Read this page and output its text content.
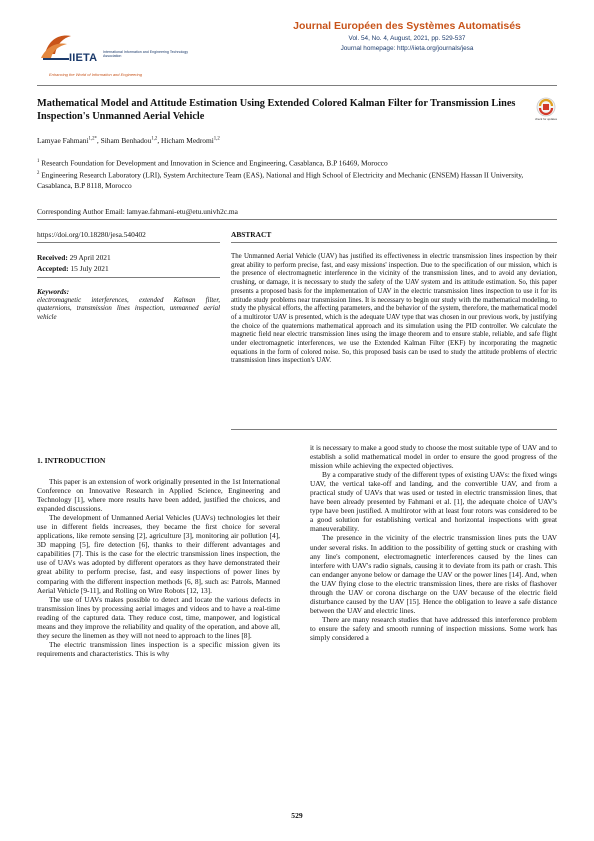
IIETA International Information and Engineering Technology Association
Enhancing the World of Information and Engineering
Journal Européen des Systèmes Automatisés
Vol. 54, No. 4, August, 2021, pp. 529-537
Journal homepage: http://iieta.org/journals/jesa
Mathematical Model and Attitude Estimation Using Extended Colored Kalman Filter for Transmission Lines Inspection's Unmanned Aerial Vehicle	check for updates
Lamyae Fahmani$^{1,2*}$, Siham Benhadou$^{1,2}$, Hicham Medromi$^{1,2}$
$^1$ Research Foundation for Development and Innovation in Science and Engineering, Casablanca, B.P 16469, Morocco
$^2$ Engineering Research Laboratory (LRI), System Architecture Team (EAS), National and High School of Electricity and Mechanic (ENSEM) Hassan II University, Casablanca, B.P 8118, Morocco
Corresponding Author Email: lamyae.fahmani-etu@etu.univh2c.ma
https://doi.org/10.18280/jesa.540402
Received: 29 April 2021
Accepted: 15 July 2021
Keywords:
electromagnetic interferences, extended Kalman filter, quaternions, transmission lines inspection, unmanned aerial vehicle
ABSTRACT
The Unmanned Aerial Vehicle (UAV) has justified its effectiveness in electric transmission lines inspection by their great ability to perform precise, fast, and easy missions' inspection. Due to the specification of our mission, which is the presence of electromagnetic interference in the vicinity of the transmission lines, and to avoid any deviation, crushing, or damage, it is necessary to study the safety of the UAV system and its attitude estimation. So, this paper presents a proposed basis for the implementation of UAV in the electric transmission lines inspection to use it for its attitude study problems near transmission lines. It is necessary to begin our study with the mathematical modeling, to study the physical efforts, the affecting parameters, and the behavior of the system, therefore, the mathematical model of a multirotor UAV is presented, which is the adequate UAV type that was chosen in our previous work, by justifying the choice of the quaternions mathematical approach and its simulation using the PID controller. We calculate the magnetic field near electric transmission lines using the image theorem and to ensure stable, reliable, and safe flight under electromagnetic interferences, we use the Extended Kalman Filter (EKF) by incorporating the magnetic equations in the form of colored noise. So, this proposed basis can be used to study the attitude problems of electric transmission lines inspection's UAV.
1. INTRODUCTION

This paper is an extension of work originally presented in the 1st International Conference on Innovative Research in Applied Science, Engineering and Technology [1], where more results have been added, justified the choices, and expanded discussions.

The development of Unmanned Aerial Vehicles (UAVs) technologies let their use in different fields increases, they became the first choice for several applications, like remote sensing [2], agriculture [3], monitoring air pollution [4], 3D mapping [5], fire detection [6], thanks to their different advantages and capabilities [7]. This is the case for the electric transmission lines inspection, the use of UAVs was adopted by different operators as they have demonstrated their great ability to perform precise, fast, and easy inspections of power lines by comparing with the different inspection methods [6, 8], such as: Patrols, Manned Aerial Vehicle [9-11], and Rolling on Wire Robots [12, 13].

The use of UAVs makes possible to detect and locate the various defects in transmission lines by processing aerial images and videos and to have a real-time reading of the captured data. They reduce cost, time, manpower, and logistical means and they improve the reliability and quality of the operation, and above all, they secure the linemen as they will not need to approach to the lines [8].

The electric transmission lines inspection is a specific mission given its requirements and characteristics. This is why

it is necessary to make a good study to choose the most suitable type of UAV and to establish a solid mathematical model in order to ensure the good progress of the mission while achieving the expected objectives.

By a comparative study of the different types of existing UAVs: the fixed wings UAV, the vertical take-off and landing, and the convertible UAV, and from a practical study of UAVs that was used or tested in electric transmission lines, that have been already presented by Fahmani et al. [1], the adequate choice of UAV's type have been justified. A multirotor with at least four rotors was considered to be a good solution for establishing vertical and horizontal inspections with great maneuverability.

The presence in the vicinity of the electric transmission lines puts the UAV under several risks. In addition to the possibility of getting stuck or crashing with any line's component, electromagnetic interferences caused by the lines can interfere with UAV's radio signals, causing it to deviate from its path or crash. This can endanger anyone below or damage the UAV or the power lines [14]. And, when the UAV flying close to the electric transmission lines, there are risks of flashover through the UAV or corona discharge on the UAV because of the electric field disturbance caused by the UAV [15]. Hence the obligation to leave a safe distance between the UAV and electric lines.

There are many research studies that have addressed this interference problem to ensure the safety and smooth running of inspection missions. Some work has simply considered a

529
